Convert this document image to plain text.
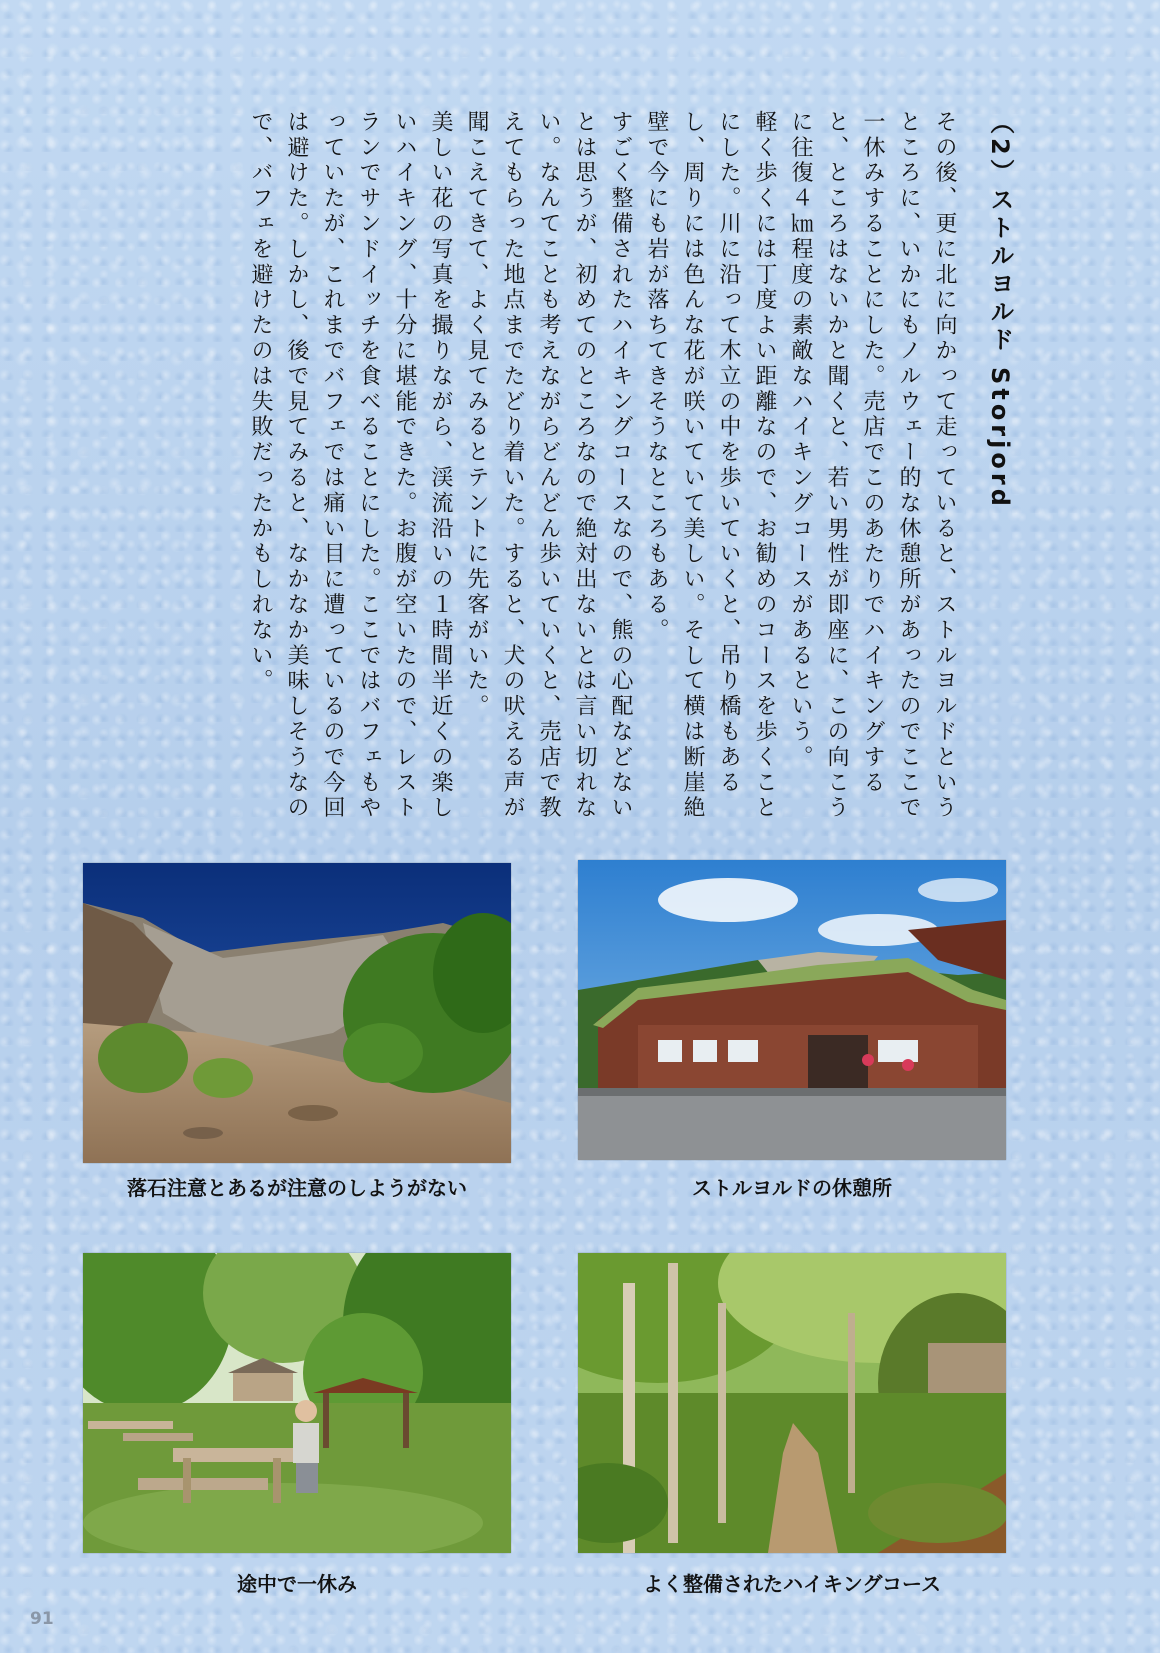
（2）ストルヨルド Storjord

その後、更に北に向かって走っていると、ストルヨルドというところに、いかにもノルウェー的な休憩所があったのでここで一休みすることにした。売店でこのあたりでハイキングすると、ところはないかと聞くと、若い男性が即座に、この向こうに往復４㎞程度の素敵なハイキングコースがあるという。

軽く歩くには丁度よい距離なので、お勧めのコースを歩くことにした。川に沿って木立の中を歩いていくと、吊り橋もあるし、周りには色んな花が咲いていて美しい。そして横は断崖絶壁で今にも岩が落ちてきそうなところもある。

すごく整備されたハイキングコースなので、熊の心配などないとは思うが、初めてのところなので絶対出ないとは言い切れない。なんてことも考えながらどんどん歩いていくと、売店で教えてもらった地点までたどり着いた。すると、犬の吠える声が聞こえてきて、よく見てみるとテントに先客がいた。

美しい花の写真を撮りながら、渓流沿いの１時間半近くの楽しいハイキング、十分に堪能できた。お腹が空いたので、レストランでサンドイッチを食べることにした。ここではバフェもやっていたが、これまでバフェでは痛い目に遭っているので今回は避けた。しかし、後で見てみると、なかなか美味しそうなので、バフェを避けたのは失敗だったかもしれない。

落石注意とあるが注意のしようがない	ストルヨルドの休憩所
途中で一休み	よく整備されたハイキングコース
91
